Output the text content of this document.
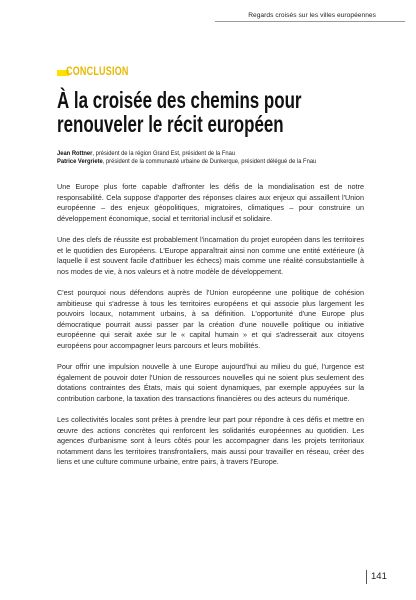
Regards croisés sur les villes européennes
CONCLUSION
À la croisée des chemins pour
renouveler le récit européen
Jean Rottner, président de la région Grand Est, président de la Fnau
Patrice Vergriete, président de la communauté urbaine de Dunkerque, président délégué de la Fnau

Une Europe plus forte capable d'affronter les défis de la mondialisation est de notre responsabilité. Cela suppose d'apporter des réponses claires aux enjeux qui assaillent l'Union européenne – des enjeux géopolitiques, migratoires, climatiques – pour construire un développement économique, social et territorial inclusif et solidaire.

Une des clefs de réussite est probablement l'incarnation du projet européen dans les territoires et le quotidien des Européens. L'Europe apparaîtrait ainsi non comme une entité extérieure (à laquelle il est souvent facile d'attribuer les échecs) mais comme une réalité consubstantielle à nos modes de vie, à nos valeurs et à notre modèle de développement.

C'est pourquoi nous défendons auprès de l'Union européenne une politique de cohésion ambitieuse qui s'adresse à tous les territoires européens et qui associe plus largement les pouvoirs locaux, notamment urbains, à sa définition. L'opportunité d'une Europe plus démocratique pourrait aussi passer par la création d'une nouvelle politique ou initiative européenne qui serait axée sur le « capital humain » et qui s'adresserait aux citoyens européens pour accompagner leurs parcours et leurs mobilités.

Pour offrir une impulsion nouvelle à une Europe aujourd'hui au milieu du gué, l'urgence est également de pouvoir doter l'Union de ressources nouvelles qui ne soient plus seulement des dotations contraintes des États, mais qui soient dynamiques, par exemple appuyées sur la contribution carbone, la taxation des transactions financières ou des acteurs du numérique.

Les collectivités locales sont prêtes à prendre leur part pour répondre à ces défis et mettre en œuvre des actions concrètes qui renforcent les solidarités européennes au quotidien. Les agences d'urbanisme sont à leurs côtés pour les accompagner dans les projets territoriaux notamment dans les territoires transfrontaliers, mais aussi pour travailler en réseau, créer des liens et une culture commune urbaine, entre pairs, à travers l'Europe.

141
